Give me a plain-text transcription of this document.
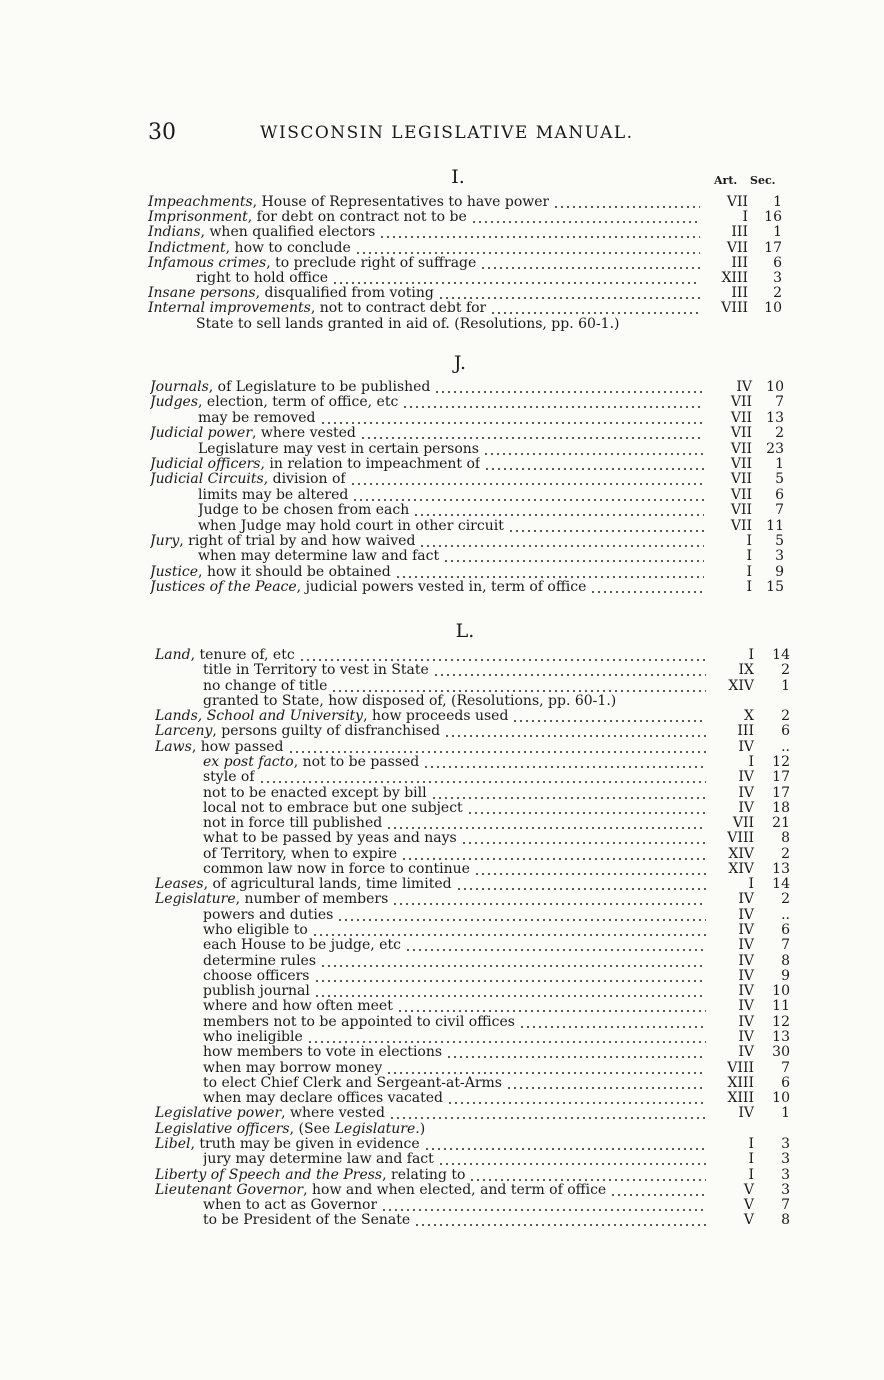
30	WISCONSIN LEGISLATIVE MANUAL.
I.	Art. Sec.
Impeachments, House of Representatives to have power	VII	1
Imprisonment, for debt on contract not to be	I	16
Indians, when qualified electors	III	1
Indictment, how to conclude	VII	17
Infamous crimes, to preclude right of suffrage	III	6
right to hold office	XIII	3
Insane persons, disqualified from voting	III	2
Internal improvements, not to contract debt for	VIII	10
State to sell lands granted in aid of. (Resolutions, pp. 60-1.)
J.
Journals, of Legislature to be published	IV	10
Judges, election, term of office, etc	VII	7
may be removed	VII	13
Judicial power, where vested	VII	2
Legislature may vest in certain persons	VII	23
Judicial officers, in relation to impeachment of	VII	1
Judicial Circuits, division of	VII	5
limits may be altered	VII	6
Judge to be chosen from each	VII	7
when Judge may hold court in other circuit	VII	11
Jury, right of trial by and how waived	I	5
when may determine law and fact	I	3
Justice, how it should be obtained	I	9
Justices of the Peace, judicial powers vested in, term of office	I	15
L.
Land, tenure of, etc	I	14
title in Territory to vest in State	IX	2
no change of title	XIV	1
granted to State, how disposed of, (Resolutions, pp. 60-1.)
Lands, School and University, how proceeds used	X	2
Larceny, persons guilty of disfranchised	III	6
Laws, how passed	IV	..
ex post facto, not to be passed	I	12
style of	IV	17
not to be enacted except by bill	IV	17
local not to embrace but one subject	IV	18
not in force till published	VII	21
what to be passed by yeas and nays	VIII	8
of Territory, when to expire	XIV	2
common law now in force to continue	XIV	13
Leases, of agricultural lands, time limited	I	14
Legislature, number of members	IV	2
powers and duties	IV	..
who eligible to	IV	6
each House to be judge, etc	IV	7
determine rules	IV	8
choose officers	IV	9
publish journal	IV	10
where and how often meet	IV	11
members not to be appointed to civil offices	IV	12
who ineligible	IV	13
how members to vote in elections	IV	30
when may borrow money	VIII	7
to elect Chief Clerk and Sergeant-at-Arms	XIII	6
when may declare offices vacated	XIII	10
Legislative power, where vested	IV	1
Legislative officers, (See Legislature.)
Libel, truth may be given in evidence	I	3
jury may determine law and fact	I	3
Liberty of Speech and the Press, relating to	I	3
Lieutenant Governor, how and when elected, and term of office	V	3
when to act as Governor	V	7
to be President of the Senate	V	8
